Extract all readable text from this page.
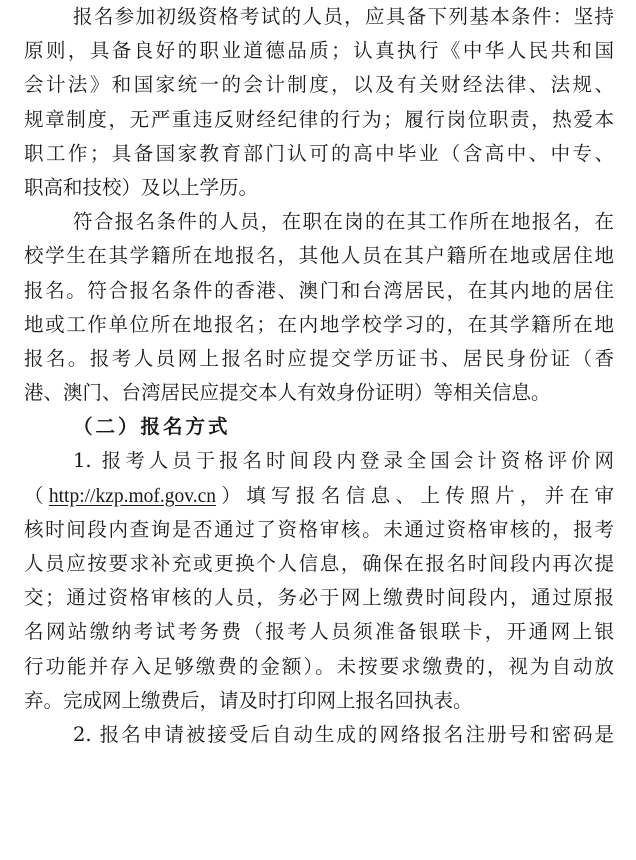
报名参加初级资格考试的人员，应具备下列基本条件：坚持
原则，具备良好的职业道德品质；认真执行《中华人民共和国
会计法》和国家统一的会计制度，以及有关财经法律、法规、
规章制度，无严重违反财经纪律的行为；履行岗位职责，热爱本
职工作；具备国家教育部门认可的高中毕业（含高中、中专、
职高和技校）及以上学历。
符合报名条件的人员，在职在岗的在其工作所在地报名，在
校学生在其学籍所在地报名，其他人员在其户籍所在地或居住地
报名。符合报名条件的香港、澳门和台湾居民，在其内地的居住
地或工作单位所在地报名；在内地学校学习的，在其学籍所在地
报名。报考人员网上报名时应提交学历证书、居民身份证（香
港、澳门、台湾居民应提交本人有效身份证明）等相关信息。
（二）报名方式
1. 报考人员于报名时间段内登录全国会计资格评价网
（http://kzp.mof.gov.cn）填写报名信息、上传照片，并在审
核时间段内查询是否通过了资格审核。未通过资格审核的，报考
人员应按要求补充或更换个人信息，确保在报名时间段内再次提
交；通过资格审核的人员，务必于网上缴费时间段内，通过原报
名网站缴纳考试考务费（报考人员须准备银联卡，开通网上银
行功能并存入足够缴费的金额）。未按要求缴费的，视为自动放
弃。完成网上缴费后，请及时打印网上报名回执表。
2. 报名申请被接受后自动生成的网络报名注册号和密码是
